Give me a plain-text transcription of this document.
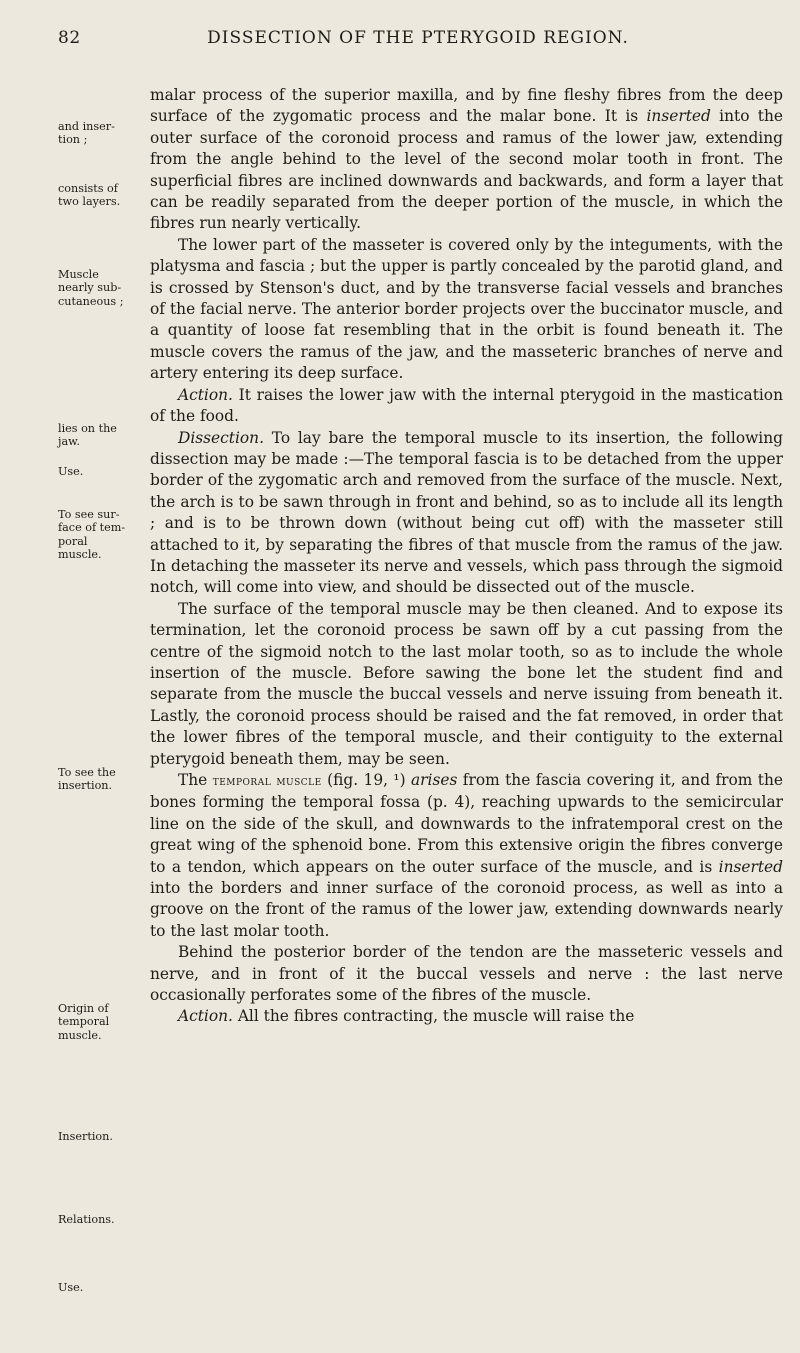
82	DISSECTION OF THE PTERYGOID REGION.
and inser-
tion ;
consists of
two layers.
Muscle
nearly sub-
cutaneous ;
lies on the
jaw.
Use.
To see sur-
face of tem-
poral
muscle.
To see the
insertion.
Origin of
temporal
muscle.
Insertion.
Relations.
Use.

malar process of the superior maxilla, and by fine fleshy fibres from the deep surface of the zygomatic process and the malar bone. It is inserted into the outer surface of the coronoid process and ramus of the lower jaw, extending from the angle behind to the level of the second molar tooth in front. The superficial fibres are inclined downwards and backwards, and form a layer that can be readily separated from the deeper portion of the muscle, in which the fibres run nearly vertically.

The lower part of the masseter is covered only by the integuments, with the platysma and fascia ; but the upper is partly concealed by the parotid gland, and is crossed by Stenson's duct, and by the transverse facial vessels and branches of the facial nerve. The anterior border projects over the buccinator muscle, and a quantity of loose fat resembling that in the orbit is found beneath it. The muscle covers the ramus of the jaw, and the masseteric branches of nerve and artery entering its deep surface.

Action. It raises the lower jaw with the internal pterygoid in the mastication of the food.

Dissection. To lay bare the temporal muscle to its insertion, the following dissection may be made :—The temporal fascia is to be detached from the upper border of the zygomatic arch and removed from the surface of the muscle. Next, the arch is to be sawn through in front and behind, so as to include all its length ; and is to be thrown down (without being cut off) with the masseter still attached to it, by separating the fibres of that muscle from the ramus of the jaw. In detaching the masseter its nerve and vessels, which pass through the sigmoid notch, will come into view, and should be dissected out of the muscle.

The surface of the temporal muscle may be then cleaned. And to expose its termination, let the coronoid process be sawn off by a cut passing from the centre of the sigmoid notch to the last molar tooth, so as to include the whole insertion of the muscle. Before sawing the bone let the student find and separate from the muscle the buccal vessels and nerve issuing from beneath it. Lastly, the coronoid process should be raised and the fat removed, in order that the lower fibres of the temporal muscle, and their contiguity to the external pterygoid beneath them, may be seen.

The temporal muscle (fig. 19, ¹) arises from the fascia covering it, and from the bones forming the temporal fossa (p. 4), reaching upwards to the semicircular line on the side of the skull, and downwards to the infratemporal crest on the great wing of the sphenoid bone. From this extensive origin the fibres converge to a tendon, which appears on the outer surface of the muscle, and is inserted into the borders and inner surface of the coronoid process, as well as into a groove on the front of the ramus of the lower jaw, extending downwards nearly to the last molar tooth.

Behind the posterior border of the tendon are the masseteric vessels and nerve, and in front of it the buccal vessels and nerve : the last nerve occasionally perforates some of the fibres of the muscle.

Action. All the fibres contracting, the muscle will raise the
